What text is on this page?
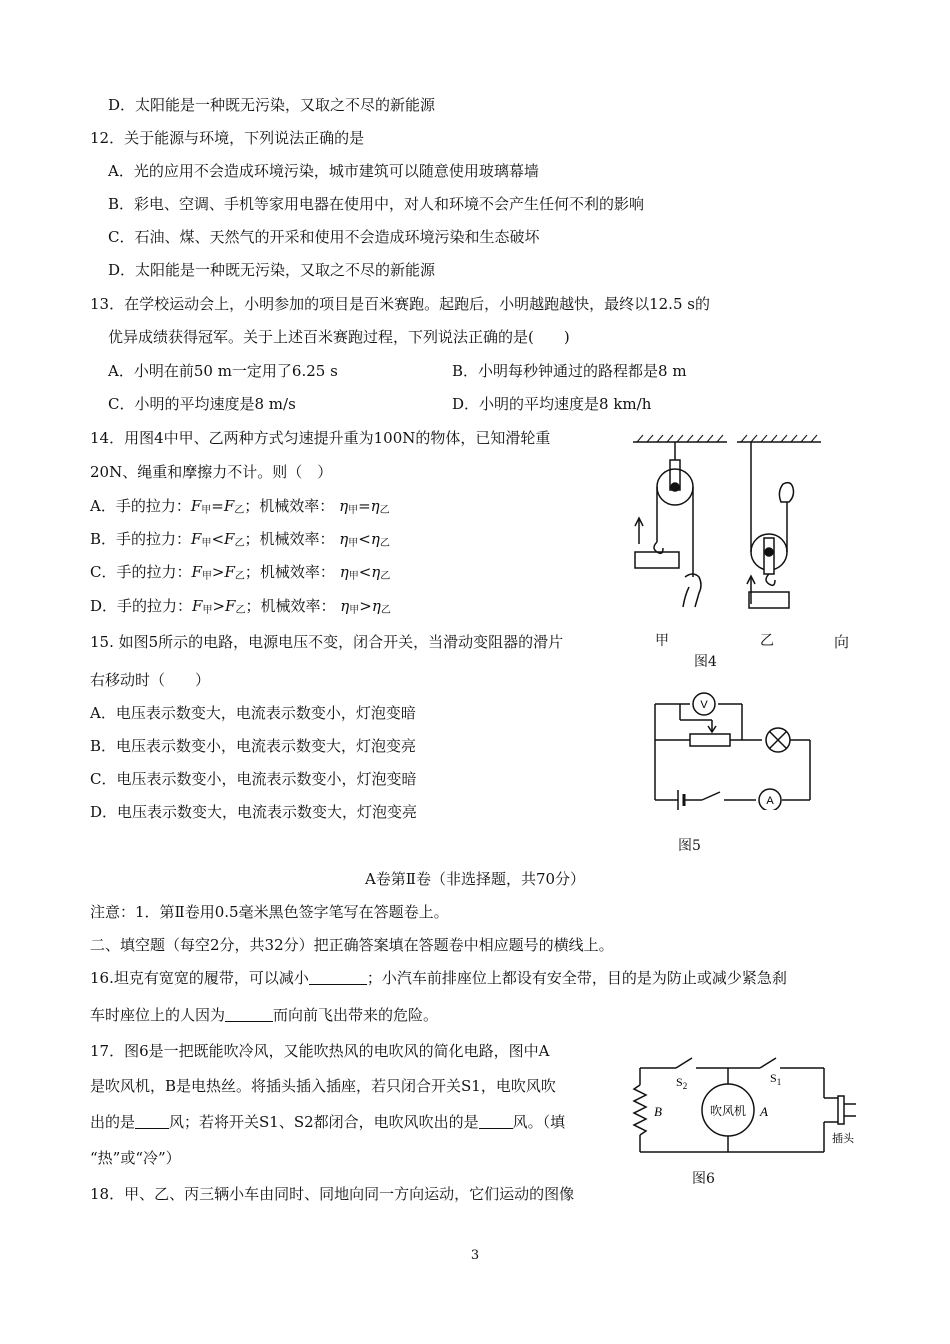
D．太阳能是一种既无污染，又取之不尽的新能源
12．关于能源与环境，下列说法正确的是
A．光的应用不会造成环境污染，城市建筑可以随意使用玻璃幕墙
B．彩电、空调、手机等家用电器在使用中，对人和环境不会产生任何不利的影响
C．石油、煤、天然气的开采和使用不会造成环境污染和生态破坏
D．太阳能是一种既无污染，又取之不尽的新能源
13．在学校运动会上，小明参加的项目是百米赛跑。起跑后，小明越跑越快，最终以12.5 s的
优异成绩获得冠军。关于上述百米赛跑过程，下列说法正确的是(　　)
A．小明在前50 m一定用了6.25 s	B．小明每秒钟通过的路程都是8 m
C．小明的平均速度是8 m/s	D．小明的平均速度是8 km/h
14．用图4中甲、乙两种方式匀速提升重为100N的物体，已知滑轮重
20N、绳重和摩擦力不计。则（　）
A．手的拉力：$F_甲=F_乙$；机械效率： $\eta_甲=\eta_乙$
B．手的拉力：$F_甲<F_乙$；机械效率： $\eta_甲<\eta_乙$
C．手的拉力：$F_甲>F_乙$；机械效率： $\eta_甲<\eta_乙$
D．手的拉力：$F_甲>F_乙$；机械效率： $\eta_甲>\eta_乙$
甲	乙
图4
15. 如图5所示的电路，电源电压不变，闭合开关，当滑动变阻器的滑片	向
右移动时（　　）
A．电压表示数变大，电流表示数变小，灯泡变暗
B．电压表示数变小，电流表示数变大，灯泡变亮
C．电压表示数变小，电流表示数变小，灯泡变暗
D．电压表示数变大，电流表示数变大，灯泡变亮
V
A
图5
A卷第Ⅱ卷（非选择题，共70分）
注意：1．第Ⅱ卷用0.5毫米黑色签字笔写在答题卷上。
二、填空题（每空2分，共32分）把正确答案填在答题卷中相应题号的横线上。
16.坦克有宽宽的履带，可以减小	；小汽车前排座位上都设有安全带，目的是为防止或减少紧急刹
车时座位上的人因为	而向前飞出带来的危险。
17．图6是一把既能吹冷风，又能吹热风的电吹风的简化电路，图中A
是吹风机，B是电热丝。将插头插入插座，若只闭合开关S1，电吹风吹
出的是 风；若将开关S1、S2都闭合，电吹风吹出的是 风。（填
“热”或“冷”）
$S_2$
$S_1$
B	A
吹风机
插头
图6
18．甲、乙、丙三辆小车由同时、同地向同一方向运动，它们运动的图像
3
